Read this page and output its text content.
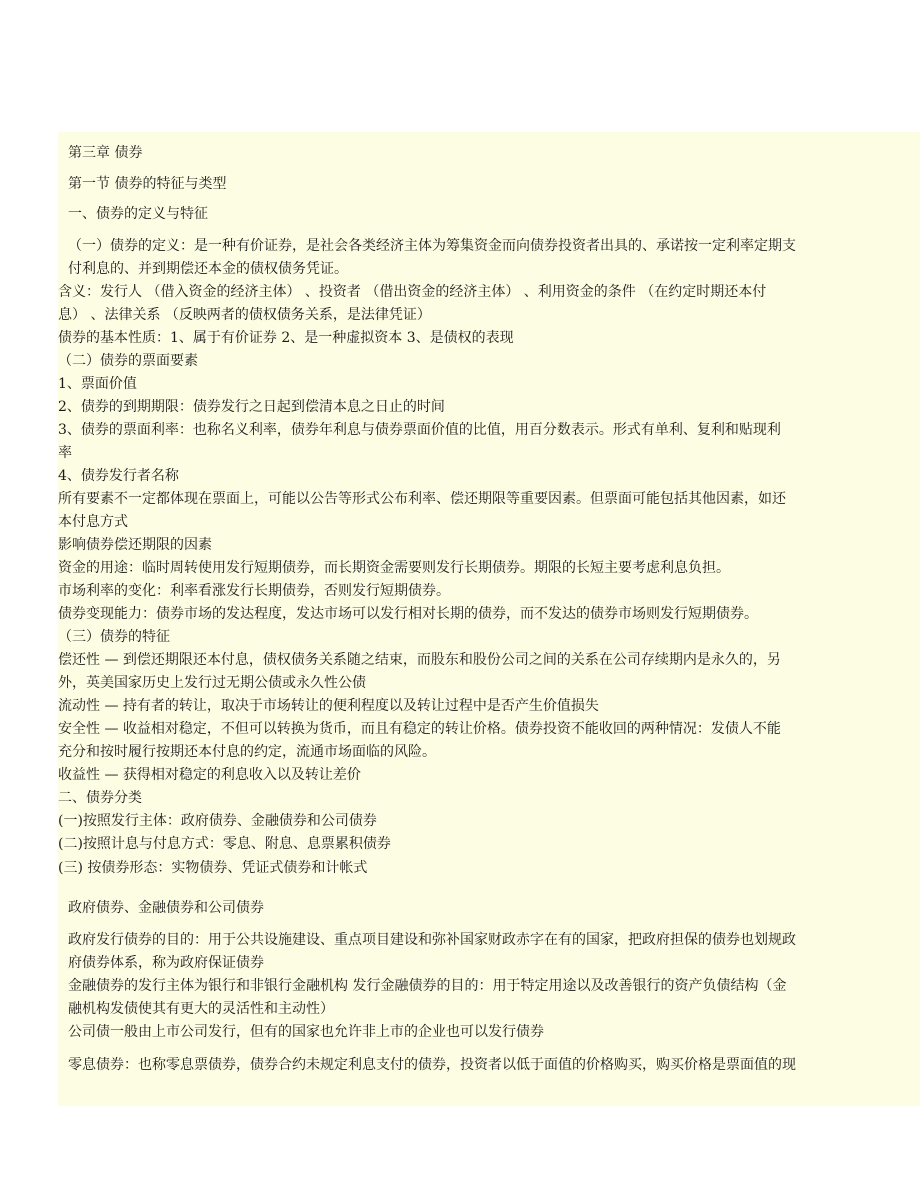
第三章 债券
第一节 债券的特征与类型
一、债券的定义与特征
（一）债券的定义：是一种有价证券，是社会各类经济主体为筹集资金而向债券投资者出具的、承诺按一定利率定期支
付利息的、并到期偿还本金的债权债务凭证。
含义：发行人 （借入资金的经济主体） 、投资者 （借出资金的经济主体） 、利用资金的条件 （在约定时期还本付
息） 、法律关系 （反映两者的债权债务关系，是法律凭证）
债券的基本性质：1、属于有价证券 2、是一种虚拟资本 3、是债权的表现
（二）债券的票面要素
1、票面价值
2、债券的到期期限：债券发行之日起到偿清本息之日止的时间
3、债券的票面利率：也称名义利率，债券年利息与债券票面价值的比值，用百分数表示。形式有单利、复利和贴现利
率
4、债券发行者名称
所有要素不一定都体现在票面上，可能以公告等形式公布利率、偿还期限等重要因素。但票面可能包括其他因素，如还
本付息方式
影响债券偿还期限的因素
资金的用途：临时周转使用发行短期债券，而长期资金需要则发行长期债券。期限的长短主要考虑利息负担。
市场利率的变化：利率看涨发行长期债券，否则发行短期债券。
债券变现能力：债券市场的发达程度，发达市场可以发行相对长期的债券，而不发达的债券市场则发行短期债券。
（三）债券的特征
偿还性 — 到偿还期限还本付息，债权债务关系随之结束，而股东和股份公司之间的关系在公司存续期内是永久的，另
外，英美国家历史上发行过无期公债或永久性公债
流动性 — 持有者的转让，取决于市场转让的便利程度以及转让过程中是否产生价值损失
安全性 — 收益相对稳定，不但可以转换为货币，而且有稳定的转让价格。债券投资不能收回的两种情况：发债人不能
充分和按时履行按期还本付息的约定，流通市场面临的风险。
收益性 — 获得相对稳定的利息收入以及转让差价
二、债券分类
(一)按照发行主体：政府债券、金融债券和公司债券
(二)按照计息与付息方式：零息、附息、息票累积债券
(三) 按债券形态：实物债券、凭证式债券和计帐式
政府债券、金融债券和公司债券
政府发行债券的目的：用于公共设施建设、重点项目建设和弥补国家财政赤字在有的国家，把政府担保的债券也划规政
府债券体系，称为政府保证债券
金融债券的发行主体为银行和非银行金融机构 发行金融债券的目的：用于特定用途以及改善银行的资产负债结构（金
融机构发债使其有更大的灵活性和主动性）
公司债一般由上市公司发行，但有的国家也允许非上市的企业也可以发行债券
零息债券：也称零息票债券，债券合约未规定利息支付的债券，投资者以低于面值的价格购买，购买价格是票面值的现
